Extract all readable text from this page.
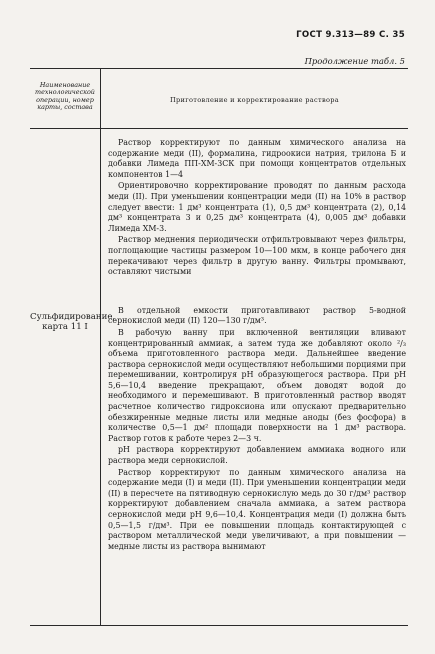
ГОСТ 9.313—89 С. 35
Продолжение табл. 5
Наименование технологической операции, номер карты, состава
Приготовление и корректирование раствора
Сульфидирование, карта 11 I

Раствор корректируют по данным химического анализа на содержание меди (II), формалина, гидроокиси натрия, трилона Б и добавки Лимеда ПП-ХМ-3СК при помощи концентратов отдельных компонентов 1—4

Ориентировочно корректирование проводят по данным расхода меди (II). При уменьшении концентрации меди (II) на 10% в раствор следует ввести: 1 дм³ концентрата (1), 0,5 дм³ концентрата (2), 0,14 дм³ концентрата 3 и 0,25 дм³ концентрата (4), 0,005 дм³ добавки Лимеда ХМ-3.

Раствор меднения периодически отфильтровывают через фильтры, поглощающие частицы размером 10—100 мкм, в конце рабочего дня перекачивают через фильтр в другую ванну. Фильтры промывают, оставляют чистыми

В отдельной емкости приготавливают раствор 5-водной сернокислой меди (II) 120—130 г/дм³.

В рабочую ванну при включенной вентиляции вливают концентрированный аммиак, а затем туда же добавляют около ²/₃ объема приготовленного раствора меди. Дальнейшее введение раствора сернокислой меди осуществляют небольшими порциями при перемешивании, контролируя pH образующегося раствора. При pH 5,6—10,4 введение прекращают, объем доводят водой до необходимого и перемешивают. В приготовленный раствор вводят расчетное количество гидроксиона или опускают предварительно обезжиренные медные листы или медные аноды (без фосфора) в количестве 0,5—1 дм² площади поверхности на 1 дм³ раствора. Раствор готов к работе через 2—3 ч.

pH раствора корректируют добавлением аммиака водного или раствора меди сернокислой.

Раствор корректируют по данным химического анализа на содержание меди (I) и меди (II). При уменьшении концентрации меди (II) в пересчете на пятиводную сернокислую медь до 30 г/дм³ раствор корректируют добавлением сначала аммиака, а затем раствора сернокислой меди pH 9,6—10,4. Концентрация меди (I) должна быть 0,5—1,5 г/дм³. При ее повышении площадь контактирующей с раствором металлической меди увеличивают, а при повышении — медные листы из раствора вынимают
